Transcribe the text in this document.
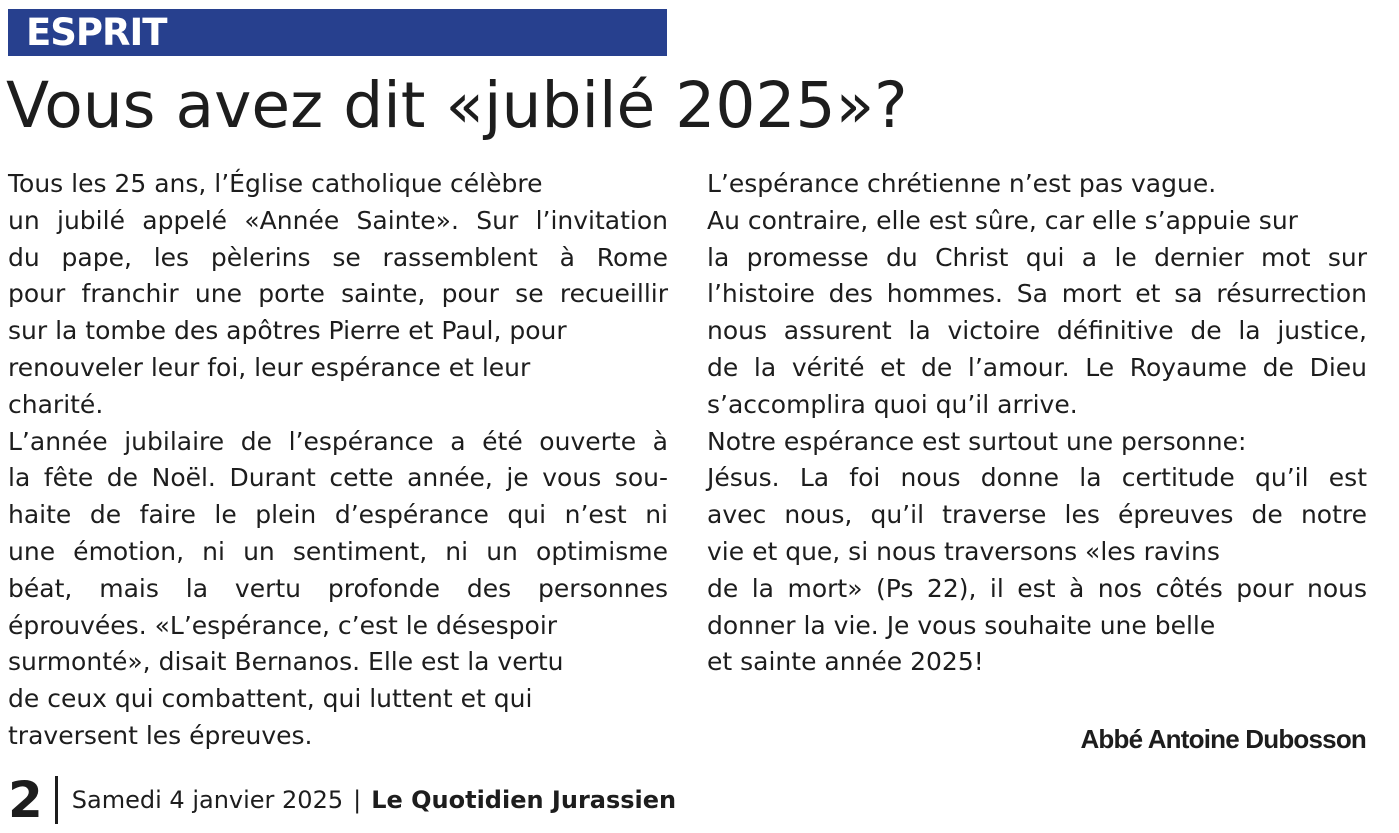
ESPRIT
Vous avez dit «jubilé 2025»?
Tous les 25 ans, l’Église catholique célèbre
un jubilé appelé «Année Sainte». Sur l’invitation
du pape, les pèlerins se rassemblent à Rome
pour franchir une porte sainte, pour se recueillir
sur la tombe des apôtres Pierre et Paul, pour
renouveler leur foi, leur espérance et leur
charité.
L’année jubilaire de l’espérance a été ouverte à
la fête de Noël. Durant cette année, je vous sou-
haite de faire le plein d’espérance qui n’est ni
une émotion, ni un sentiment, ni un optimisme
béat, mais la vertu profonde des personnes
éprouvées. «L’espérance, c’est le désespoir
surmonté», disait Bernanos. Elle est la vertu
de ceux qui combattent, qui luttent et qui
traversent les épreuves.
L’espérance chrétienne n’est pas vague.
Au contraire, elle est sûre, car elle s’appuie sur
la promesse du Christ qui a le dernier mot sur
l’histoire des hommes. Sa mort et sa résurrection
nous assurent la victoire définitive de la justice,
de la vérité et de l’amour. Le Royaume de Dieu
s’accomplira quoi qu’il arrive.
Notre espérance est surtout une personne:
Jésus. La foi nous donne la certitude qu’il est
avec nous, qu’il traverse les épreuves de notre
vie et que, si nous traversons «les ravins
de la mort» (Ps 22), il est à nos côtés pour nous
donner la vie. Je vous souhaite une belle
et sainte année 2025!
Abbé Antoine Dubosson
2 Samedi 4 janvier 2025 | Le Quotidien Jurassien
